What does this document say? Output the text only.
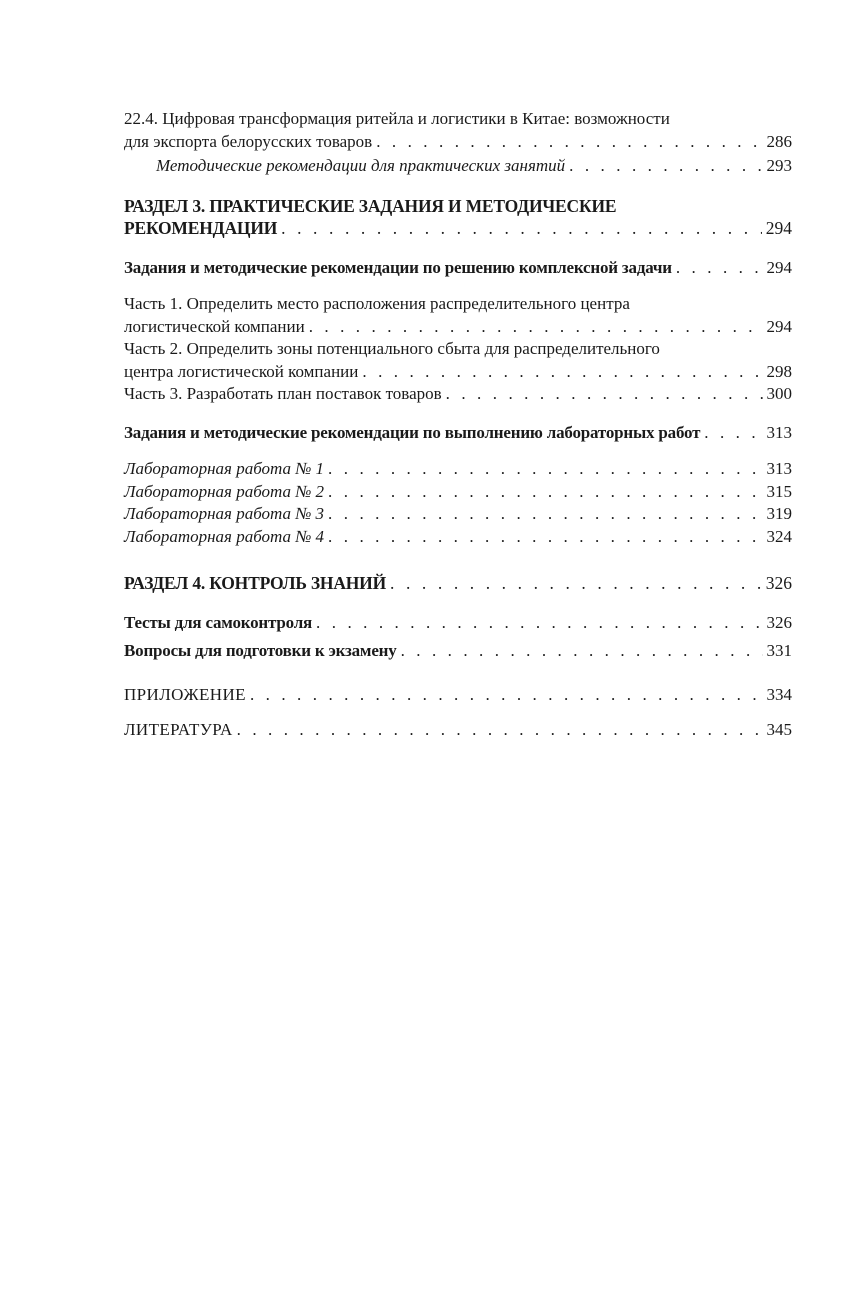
22.4. Цифровая трансформация ритейла и логистики в Китае: возможности
для экспорта белорусских товаров . . .	286
Методические рекомендации для практических занятий . . .	293
РАЗДЕЛ 3. ПРАКТИЧЕСКИЕ ЗАДАНИЯ И МЕТОДИЧЕСКИЕ
РЕКОМЕНДАЦИИ . . .	294
Задания и методические рекомендации по решению комплексной задачи . . .	294
Часть 1. Определить место расположения распределительного центра
логистической компании . . .	294
Часть 2. Определить зоны потенциального сбыта для распределительного
центра логистической компании . . .	298
Часть 3. Разработать план поставок товаров . . .	300
Задания и методические рекомендации по выполнению лабораторных работ . . .	313
Лабораторная работа № 1 . . .	313
Лабораторная работа № 2 . . .	315
Лабораторная работа № 3 . . .	319
Лабораторная работа № 4 . . .	324
РАЗДЕЛ 4. КОНТРОЛЬ ЗНАНИЙ . . .	326
Тесты для самоконтроля . . .	326
Вопросы для подготовки к экзамену . . .	331
ПРИЛОЖЕНИЕ . . .	334
ЛИТЕРАТУРА . . .	345
